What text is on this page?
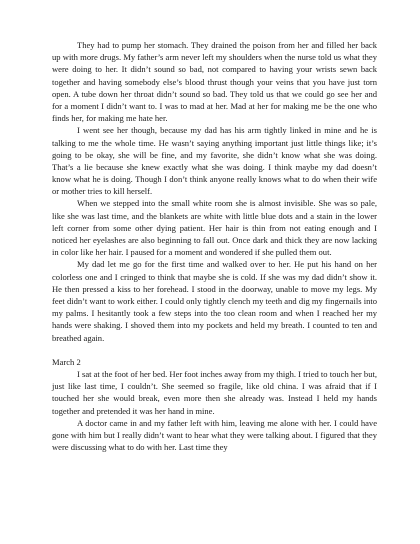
They had to pump her stomach. They drained the poison from her and filled her back up with more drugs. My father’s arm never left my shoulders when the nurse told us what they were doing to her. It didn’t sound so bad, not compared to having your wrists sewn back together and having somebody else’s blood thrust though your veins that you have just torn open. A tube down her throat didn’t sound so bad. They told us that we could go see her and for a moment I didn’t want to. I was to mad at her. Mad at her for making me be the one who finds her, for making me hate her.

I went see her though, because my dad has his arm tightly linked in mine and he is talking to me the whole time. He wasn’t saying anything important just little things like; it’s going to be okay, she will be fine, and my favorite, she didn’t know what she was doing. That’s a lie because she knew exactly what she was doing. I think maybe my dad doesn’t know what he is doing. Though I don’t think anyone really knows what to do when their wife or mother tries to kill herself.

When we stepped into the small white room she is almost invisible. She was so pale, like she was last time, and the blankets are white with little blue dots and a stain in the lower left corner from some other dying patient. Her hair is thin from not eating enough and I noticed her eyelashes are also beginning to fall out. Once dark and thick they are now lacking in color like her hair. I paused for a moment and wondered if she pulled them out.

My dad let me go for the first time and walked over to her. He put his hand on her colorless one and I cringed to think that maybe she is cold. If she was my dad didn’t show it. He then pressed a kiss to her forehead. I stood in the doorway, unable to move my legs. My feet didn’t want to work either. I could only tightly clench my teeth and dig my fingernails into my palms. I hesitantly took a few steps into the too clean room and when I reached her my hands were shaking. I shoved them into my pockets and held my breath. I counted to ten and breathed again.

March 2

I sat at the foot of her bed. Her foot inches away from my thigh. I tried to touch her but, just like last time, I couldn’t. She seemed so fragile, like old china. I was afraid that if I touched her she would break, even more then she already was. Instead I held my hands together and pretended it was her hand in mine.

A doctor came in and my father left with him, leaving me alone with her. I could have gone with him but I really didn’t want to hear what they were talking about. I figured that they were discussing what to do with her. Last time they
